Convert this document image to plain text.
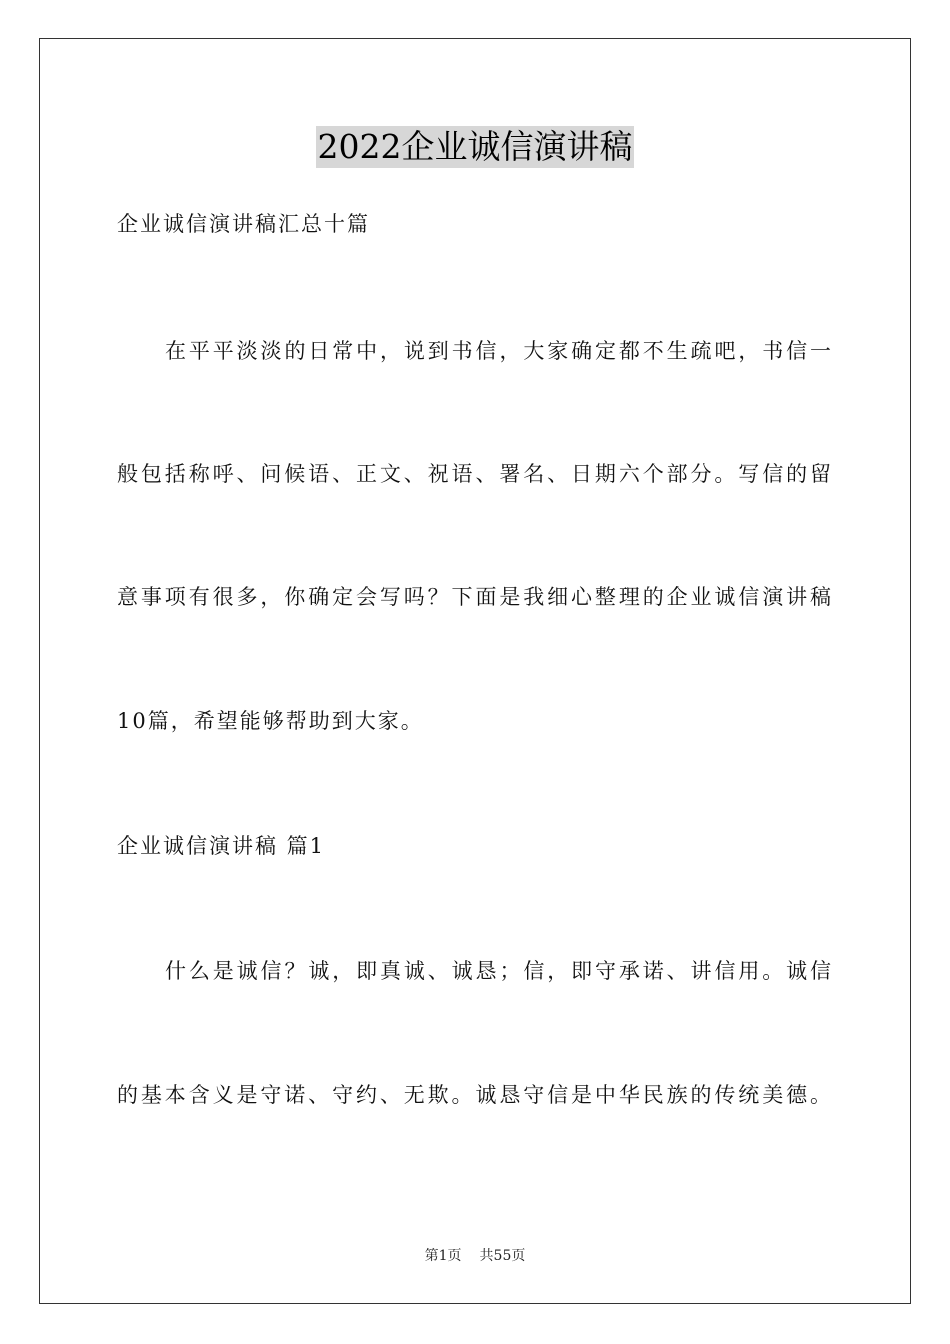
2022企业诚信演讲稿
企业诚信演讲稿汇总十篇
在平平淡淡的日常中，说到书信，大家确定都不生疏吧，书信一
般包括称呼、问候语、正文、祝语、署名、日期六个部分。写信的留
意事项有很多，你确定会写吗？下面是我细心整理的企业诚信演讲稿
10篇，希望能够帮助到大家。
企业诚信演讲稿 篇1
什么是诚信？诚，即真诚、诚恳；信，即守承诺、讲信用。诚信
的基本含义是守诺、守约、无欺。诚恳守信是中华民族的传统美德。
第1页 共55页
